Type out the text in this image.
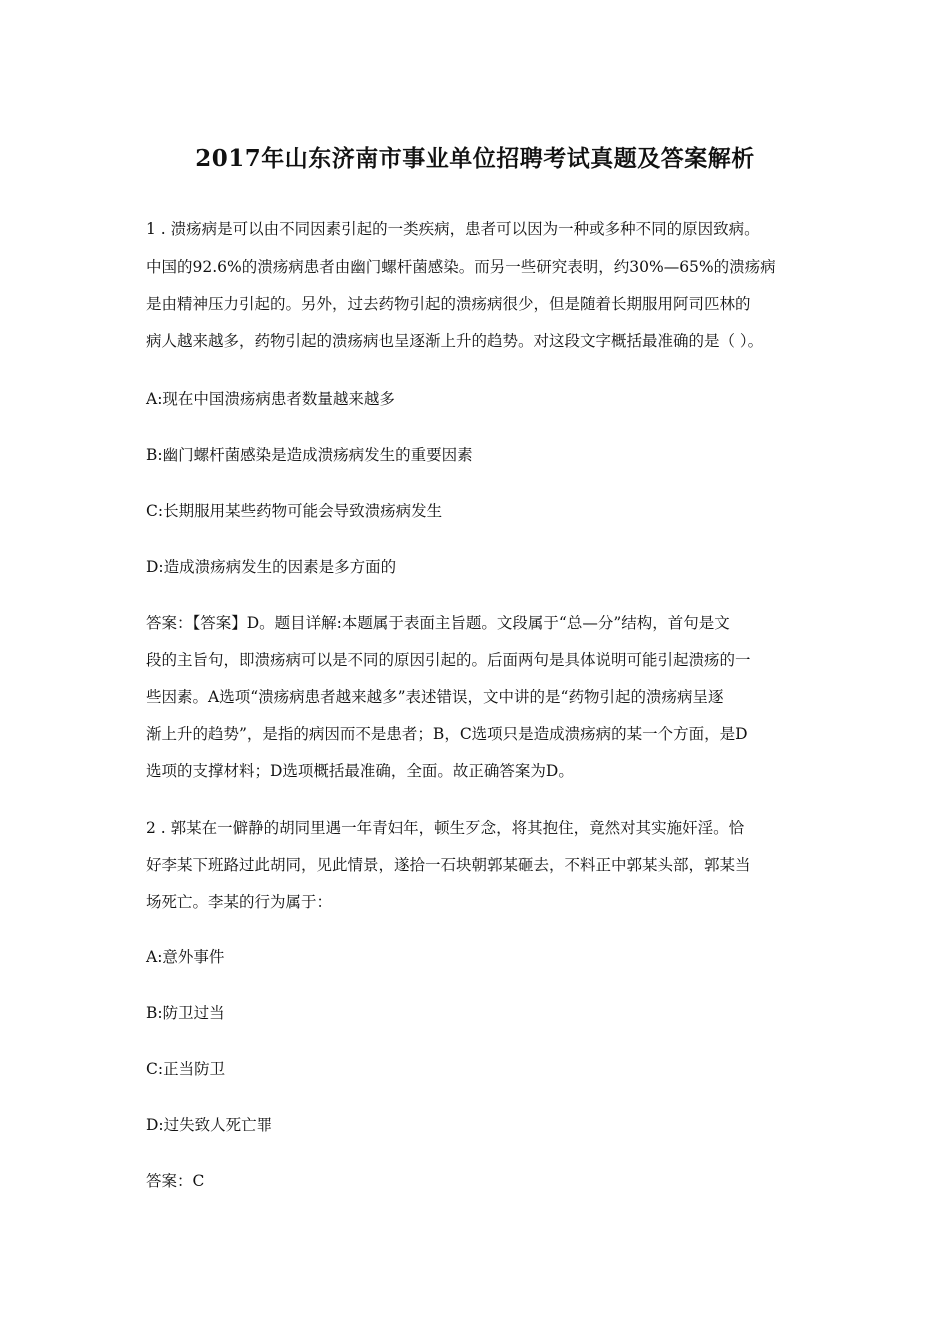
2017年山东济南市事业单位招聘考试真题及答案解析

1 . 溃疡病是可以由不同因素引起的一类疾病，患者可以因为一种或多种不同的原因致病。

中国的92.6%的溃疡病患者由幽门螺杆菌感染。而另一些研究表明，约30%—65%的溃疡病

是由精神压力引起的。另外，过去药物引起的溃疡病很少，但是随着长期服用阿司匹林的

病人越来越多，药物引起的溃疡病也呈逐渐上升的趋势。对这段文字概括最准确的是（ ）。

A:现在中国溃疡病患者数量越来越多

B:幽门螺杆菌感染是造成溃疡病发生的重要因素

C:长期服用某些药物可能会导致溃疡病发生

D:造成溃疡病发生的因素是多方面的

答案：【答案】D。题目详解:本题属于表面主旨题。文段属于“总—分”结构，首句是文

段的主旨句，即溃疡病可以是不同的原因引起的。后面两句是具体说明可能引起溃疡的一

些因素。A选项“溃疡病患者越来越多”表述错误，文中讲的是“药物引起的溃疡病呈逐

渐上升的趋势”，是指的病因而不是患者；B，C选项只是造成溃疡病的某一个方面，是D

选项的支撑材料；D选项概括最准确，全面。故正确答案为D。

2 . 郭某在一僻静的胡同里遇一年青妇年，顿生歹念，将其抱住，竟然对其实施奸淫。恰

好李某下班路过此胡同，见此情景，遂拾一石块朝郭某砸去，不料正中郭某头部，郭某当

场死亡。李某的行为属于：

A:意外事件

B:防卫过当

C:正当防卫

D:过失致人死亡罪

答案：C
